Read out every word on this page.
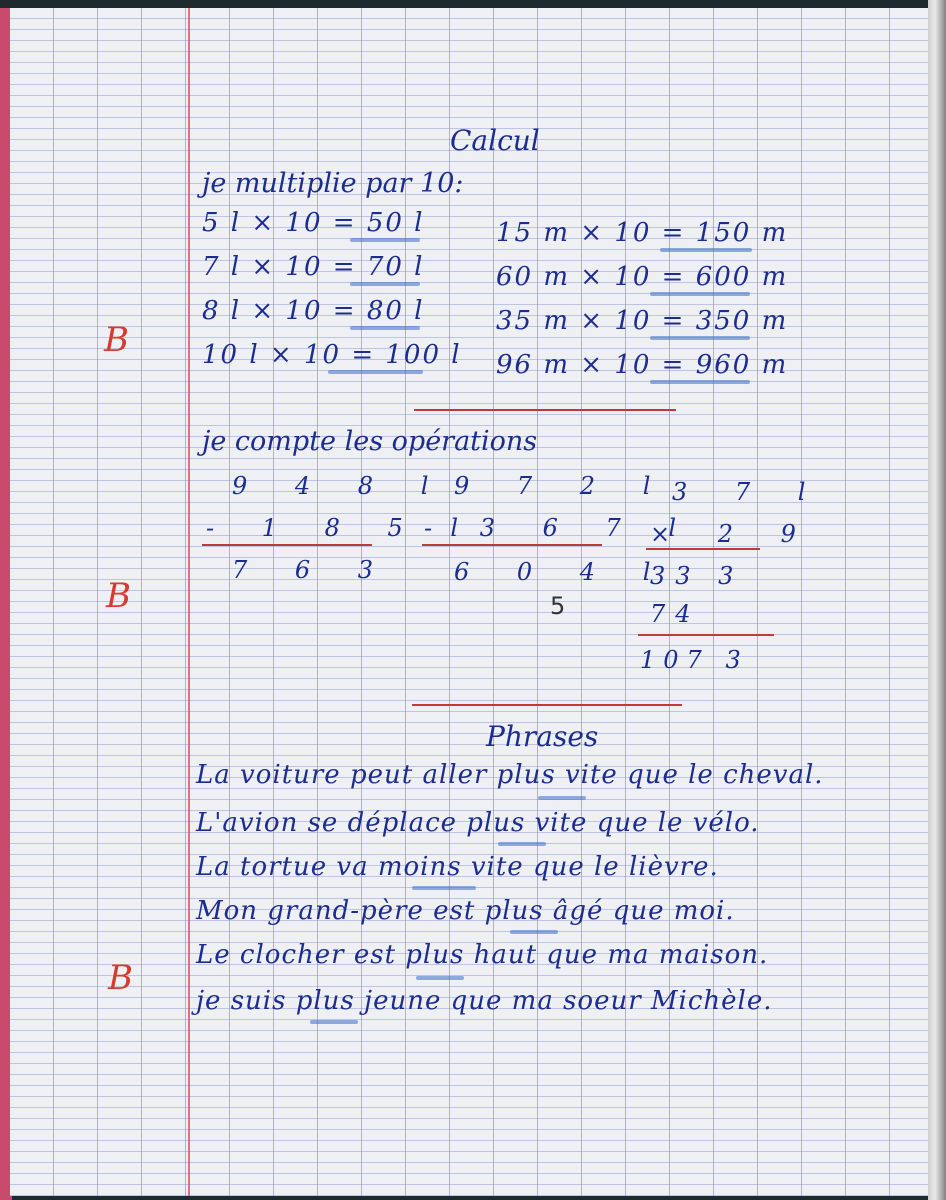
Calcul
je multiplie par 10:
5 l × 10 = 50 l
7 l × 10 = 70 l
8 l × 10 = 80 l
10 l × 10 = 100 l
15 m × 10 = 150 m
60 m × 10 = 600 m
35 m × 10 = 350 m
96 m × 10 = 960 m
B
je compte les opérations
9 4 8 l
- 1 8 5 l
7 6 3
9 7 2 l
- 3 6 7 l
6 0 4 l
5
3 7 l
× 2 9
33 3
74
107 3
B
Phrases
La voiture peut aller plus vite que le cheval.
L'avion se déplace plus vite que le vélo.
La tortue va moins vite que le lièvre.
Mon grand-père est plus âgé que moi.
Le clocher est plus haut que ma maison.
je suis plus jeune que ma soeur Michèle.
B
